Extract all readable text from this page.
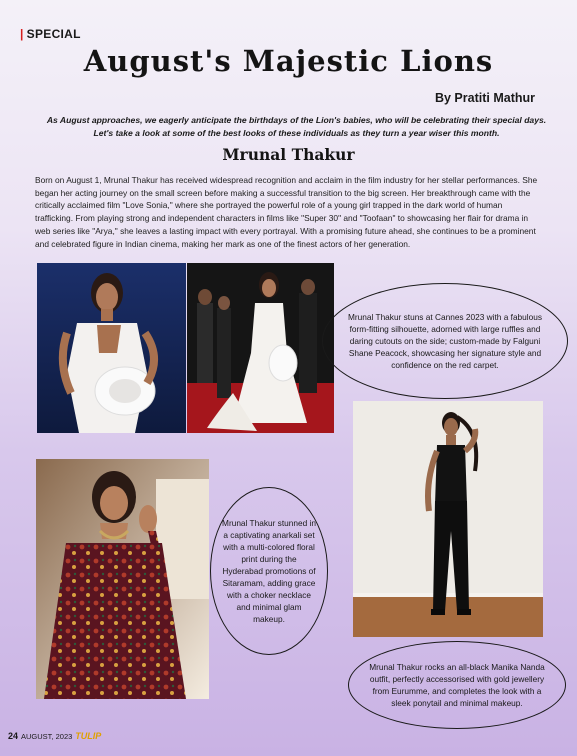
| SPECIAL
August's Majestic Lions
By Pratiti Mathur
As August approaches, we eagerly anticipate the birthdays of the Lion's babies, who will be celebrating their special days. Let's take a look at some of the best looks of these individuals as they turn a year wiser this month.
Mrunal Thakur
Born on August 1, Mrunal Thakur has received widespread recognition and acclaim in the film industry for her stellar performances. She began her acting journey on the small screen before making a successful transition to the big screen. Her breakthrough came with the critically acclaimed film "Love Sonia," where she portrayed the powerful role of a young girl trapped in the dark world of human trafficking. From playing strong and independent characters in films like "Super 30" and "Toofaan" to showcasing her flair for drama in web series like "Arya," she leaves a lasting impact with every portrayal. With a promising future ahead, she continues to be a prominent and celebrated figure in Indian cinema, making her mark as one of the finest actors of her generation.
Mrunal Thakur stuns at Cannes 2023 with a fabulous form-fitting silhouette, adorned with large ruffles and daring cutouts on the side; custom-made by Falguni Shane Peacock, showcasing her signature style and confidence on the red carpet.
Mrunal Thakur stunned in a captivating anarkali set with a multi-colored floral print during the Hyderabad promotions of Sitaramam, adding grace with a choker necklace and minimal glam makeup.
Mrunal Thakur rocks an all-black Manika Nanda outfit, perfectly accessorised with gold jewellery from Eurumme, and completes the look with a sleek ponytail and minimal makeup.
24 AUGUST, 2023 TULIP
